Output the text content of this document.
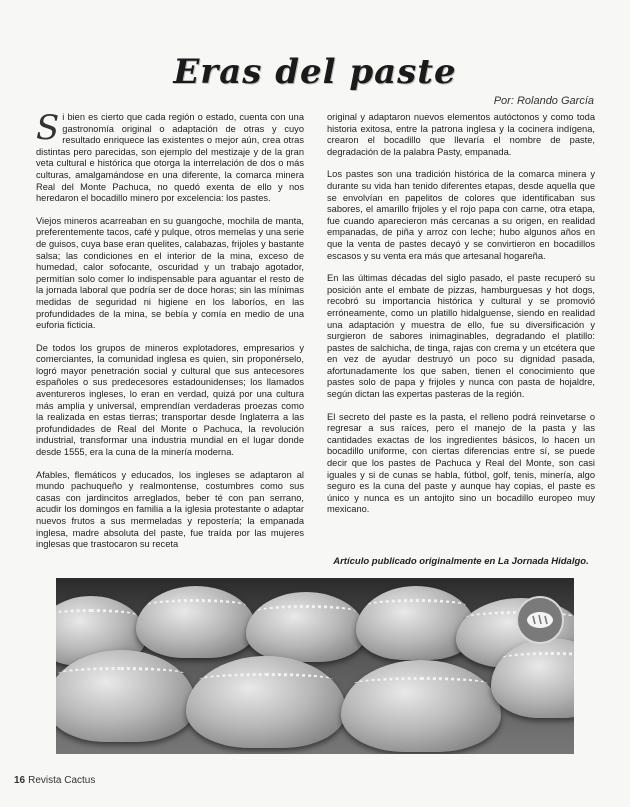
Eras del paste
Por: Rolando García

Si bien es cierto que cada región o estado, cuenta con una gastronomía original o adaptación de otras y cuyo resultado enriquece las existentes o mejor aún, crea otras distintas pero parecidas, son ejemplo del mestizaje y de la gran veta cultural e histórica que otorga la interrelación de dos o más culturas, amalgamándose en una diferente, la comarca minera Real del Monte Pachuca, no quedó exenta de ello y nos heredaron el bocadillo minero por excelencia: los pastes.

Viejos mineros acarreaban en su guangoche, mochila de manta, preferentemente tacos, café y pulque, otros memelas y una serie de guisos, cuya base eran quelites, calabazas, frijoles y bastante salsa; las condiciones en el interior de la mina, exceso de humedad, calor sofocante, oscuridad y un trabajo agotador, permitían solo comer lo indispensable para aguantar el resto de la jornada laboral que podría ser de doce horas; sin las mínimas medidas de seguridad ni higiene en los laboríos, en las profundidades de la mina, se bebía y comía en medio de una euforia ficticia.

De todos los grupos de mineros explotadores, empresarios y comerciantes, la comunidad inglesa es quien, sin proponérselo, logró mayor penetración social y cultural que sus antecesores españoles o sus predecesores estadounidenses; los llamados aventureros ingleses, lo eran en verdad, quizá por una cultura más amplia y universal, emprendían verdaderas proezas como la realizada en estas tierras; transportar desde Inglaterra a las profundidades de Real del Monte o Pachuca, la revolución industrial, transformar una industria mundial en el lugar donde desde 1555, era la cuna de la minería moderna.

Afables, flemáticos y educados, los ingleses se adaptaron al mundo pachuqueño y realmontense, costumbres como sus casas con jardincitos arreglados, beber té con pan serrano, acudir los domingos en familia a la iglesia protestante o adaptar nuevos frutos a sus mermeladas y repostería; la empanada inglesa, madre absoluta del paste, fue traída por las mujeres inglesas que trastocaron su receta

original y adaptaron nuevos elementos autóctonos y como toda historia exitosa, entre la patrona inglesa y la cocinera indígena, crearon el bocadillo que llevaría el nombre de paste, degradación de la palabra Pasty, empanada.

Los pastes son una tradición histórica de la comarca minera y durante su vida han tenido diferentes etapas, desde aquella que se envolvían en papelitos de colores que identificaban sus sabores, el amarillo frijoles y el rojo papa con carne, otra etapa, fue cuando aparecieron más cercanas a su origen, en realidad empanadas, de piña y arroz con leche; hubo algunos años en que la venta de pastes decayó y se convirtieron en bocadillos escasos y su venta era más que artesanal hogareña.

En las últimas décadas del siglo pasado, el paste recuperó su posición ante el embate de pizzas, hamburguesas y hot dogs, recobró su importancia histórica y cultural y se promovió erróneamente, como un platillo hidalguense, siendo en realidad una adaptación y muestra de ello, fue su diversificación y surgieron de sabores inimaginables, degradando el platillo: pastes de salchicha, de tinga, rajas con crema y un etcétera que en vez de ayudar destruyó un poco su dignidad pasada, afortunadamente los que saben, tienen el conocimiento que pastes solo de papa y frijoles y nunca con pasta de hojaldre, según dictan las expertas pasteras de la región.

El secreto del paste es la pasta, el relleno podrá reinvetarse o regresar a sus raíces, pero el manejo de la pasta y las cantidades exactas de los ingredientes básicos, lo hacen un bocadillo uniforme, con ciertas diferencias entre sí, se puede decir que los pastes de Pachuca y Real del Monte, son casi iguales y si de cunas se habla, fútbol, golf, tenis, minería, algo seguro es la cuna del paste y aunque hay copias, el paste es único y nunca es un antojito sino un bocadillo europeo muy mexicano.

Artículo publicado originalmente en La Jornada Hidalgo.
16 Revista Cactus
